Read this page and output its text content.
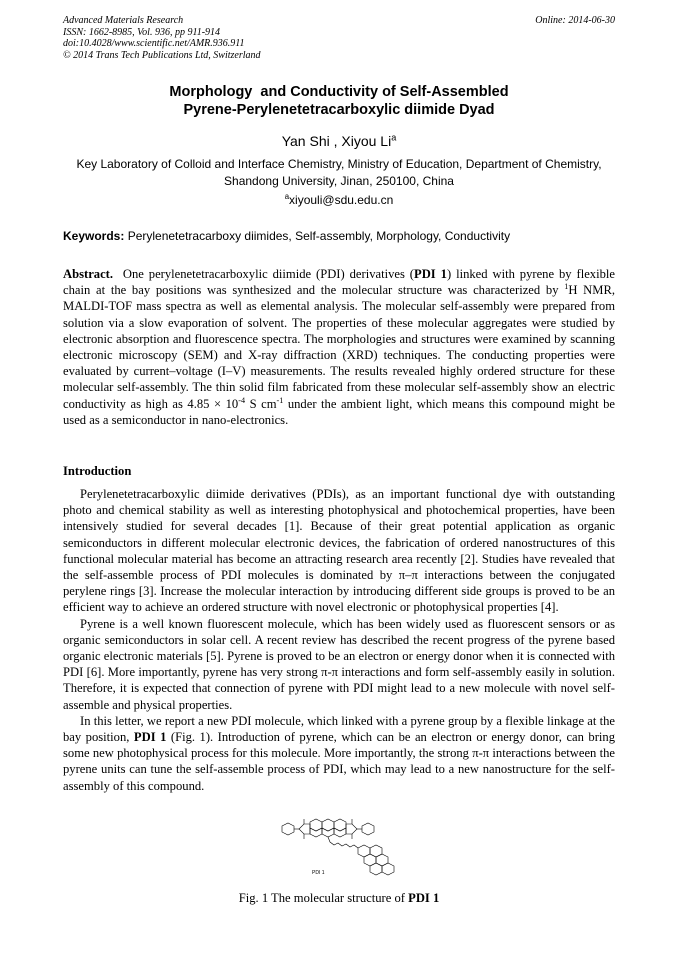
Advanced Materials Research
ISSN: 1662-8985, Vol. 936, pp 911-914
doi:10.4028/www.scientific.net/AMR.936.911
© 2014 Trans Tech Publications Ltd, Switzerland
Online: 2014-06-30
Morphology  and Conductivity of Self-Assembled
Pyrene-Perylenetetracarboxylic diimide Dyad
Yan Shi , Xiyou Li$^a$
Key Laboratory of Colloid and Interface Chemistry, Ministry of Education, Department of Chemistry,
Shandong University, Jinan, 250100, China
$^a$xiyouli@sdu.edu.cn
Keywords: Perylenetetracarboxy diimides, Self-assembly, Morphology, Conductivity
Abstract.  One perylenetetracarboxylic diimide (PDI) derivatives (PDI 1) linked with pyrene by flexible chain at the bay positions was synthesized and the molecular structure was characterized by $^1$H NMR, MALDI-TOF mass spectra as well as elemental analysis. The molecular self-assembly were prepared from solution via a slow evaporation of solvent. The properties of these molecular aggregates were studied by electronic absorption and fluorescence spectra. The morphologies and structures were examined by scanning electronic microscopy (SEM) and X-ray diffraction (XRD) techniques. The conducting properties were evaluated by current–voltage (I–V) measurements. The results revealed highly ordered structure for these molecular self-assembly. The thin solid film fabricated from these molecular self-assembly show an electric conductivity as high as $4.85 \times 10^{-4}$ S $cm^{-1}$ under the ambient light, which means this compound might be used as a semiconductor in nano-electronics.
Introduction

Perylenetetracarboxylic diimide derivatives (PDIs), as an important functional dye with outstanding photo and chemical stability as well as interesting photophysical and photochemical properties, have been intensively studied for several decades [1]. Because of their great potential application as organic semiconductors in different molecular electronic devices, the fabrication of ordered nanostructures of this functional molecular material has become an attracting research area recently [2]. Studies have revealed that the self-assemble process of PDI molecules is dominated by π–π interactions between the conjugated perylene rings [3]. Increase the molecular interaction by introducing different side groups is proved to be an efficient way to achieve an ordered structure with novel electronic or photophysical properties [4].

Pyrene is a well known fluorescent molecule, which has been widely used as fluorescent sensors or as organic semiconductors in solar cell. A recent review has described the recent progress of the pyrene based organic electronic materials [5]. Pyrene is proved to be an electron or energy donor when it is connected with PDI [6]. More importantly, pyrene has very strong π-π interactions and form self-assembly easily in solution. Therefore, it is expected that connection of pyrene with PDI might lead to a new molecule with novel self-assemble and physical properties.

In this letter, we report a new PDI molecule, which linked with a pyrene group by a flexible linkage at the bay position, PDI 1 (Fig. 1). Introduction of pyrene, which can be an electron or energy donor, can bring some new photophysical process for this molecule. More importantly, the strong π-π interactions between the pyrene units can tune the self-assemble process of PDI, which may lead to a new nanostructure for the self-assembly of this compound.

PDI 1
Fig. 1 The molecular structure of PDI 1
